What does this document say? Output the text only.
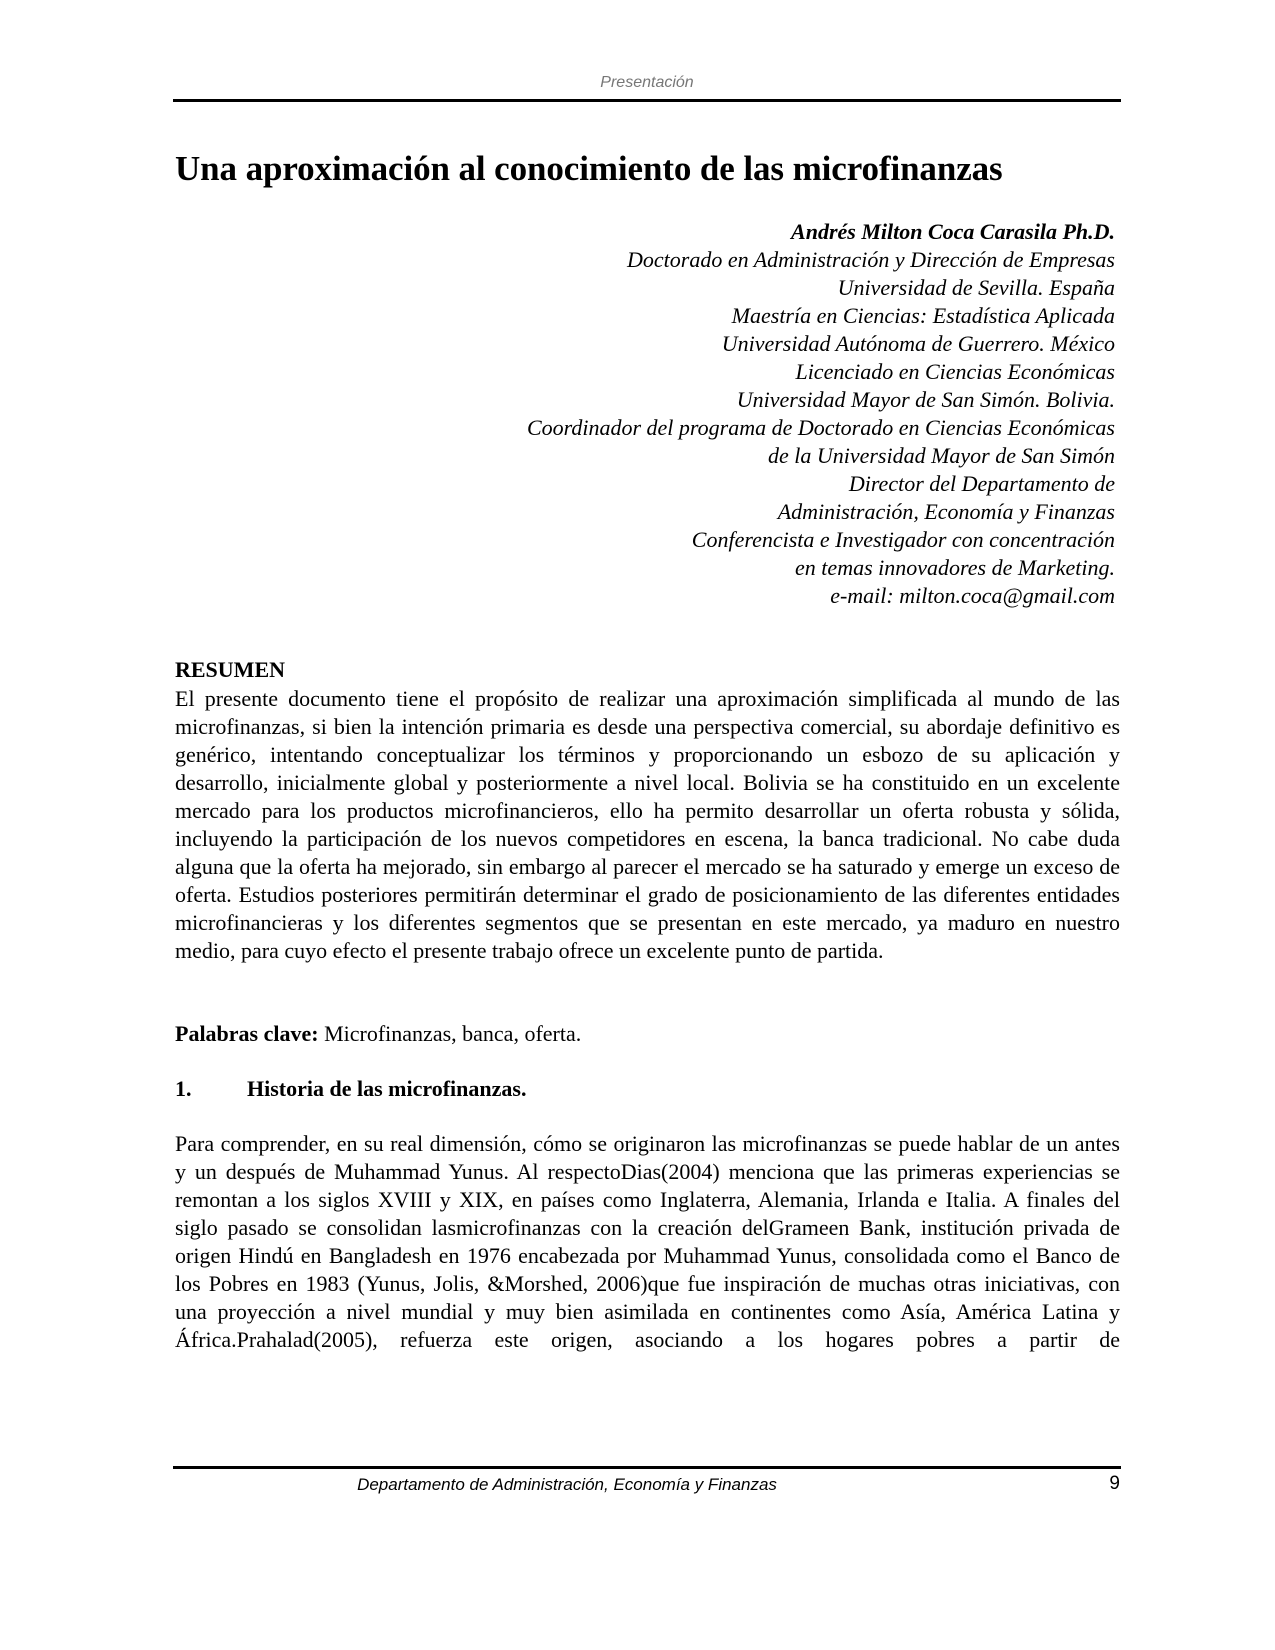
Presentación
Una aproximación al conocimiento de las microfinanzas
Andrés Milton Coca Carasila Ph.D.
Doctorado en Administración y Dirección de Empresas
Universidad de Sevilla. España
Maestría en Ciencias: Estadística Aplicada
Universidad Autónoma de Guerrero. México
Licenciado en Ciencias Económicas
Universidad Mayor de San Simón. Bolivia.
Coordinador del programa de Doctorado en Ciencias Económicas
de la Universidad Mayor de San Simón
Director del Departamento de
Administración, Economía y Finanzas
Conferencista e Investigador con concentración
en temas innovadores de Marketing.
e-mail: milton.coca@gmail.com
RESUMEN

El presente documento tiene el propósito de realizar una aproximación simplificada al mundo de las microfinanzas, si bien la intención primaria es desde una perspectiva comercial, su abordaje definitivo es genérico, intentando conceptualizar los términos y proporcionando un esbozo de su aplicación y desarrollo, inicialmente global y posteriormente a nivel local. Bolivia se ha constituido en un excelente mercado para los productos microfinancieros, ello ha permito desarrollar un oferta robusta y sólida, incluyendo la participación de los nuevos competidores en escena, la banca tradicional. No cabe duda alguna que la oferta ha mejorado, sin embargo al parecer el mercado se ha saturado y emerge un exceso de oferta. Estudios posteriores permitirán determinar el grado de posicionamiento de las diferentes entidades microfinancieras y los diferentes segmentos que se presentan en este mercado, ya maduro en nuestro medio, para cuyo efecto el presente trabajo ofrece un excelente punto de partida.

Palabras clave: Microfinanzas, banca, oferta.
1.	Historia de las microfinanzas.

Para comprender, en su real dimensión, cómo se originaron las microfinanzas se puede hablar de un antes y un después de Muhammad Yunus. Al respectoDias(2004) menciona que las primeras experiencias se remontan a los siglos XVIII y XIX, en países como Inglaterra, Alemania, Irlanda e Italia. A finales del siglo pasado se consolidan lasmicrofinanzas con la creación delGrameen Bank, institución privada de origen Hindú en Bangladesh en 1976 encabezada por Muhammad Yunus, consolidada como el Banco de los Pobres en 1983 (Yunus, Jolis, &Morshed, 2006)que fue inspiración de muchas otras iniciativas, con una proyección a nivel mundial y muy bien asimilada en continentes como Asía, América Latina y África.Prahalad(2005), refuerza este origen, asociando a los hogares pobres a partir de

Departamento de Administración, Economía y Finanzas	9
